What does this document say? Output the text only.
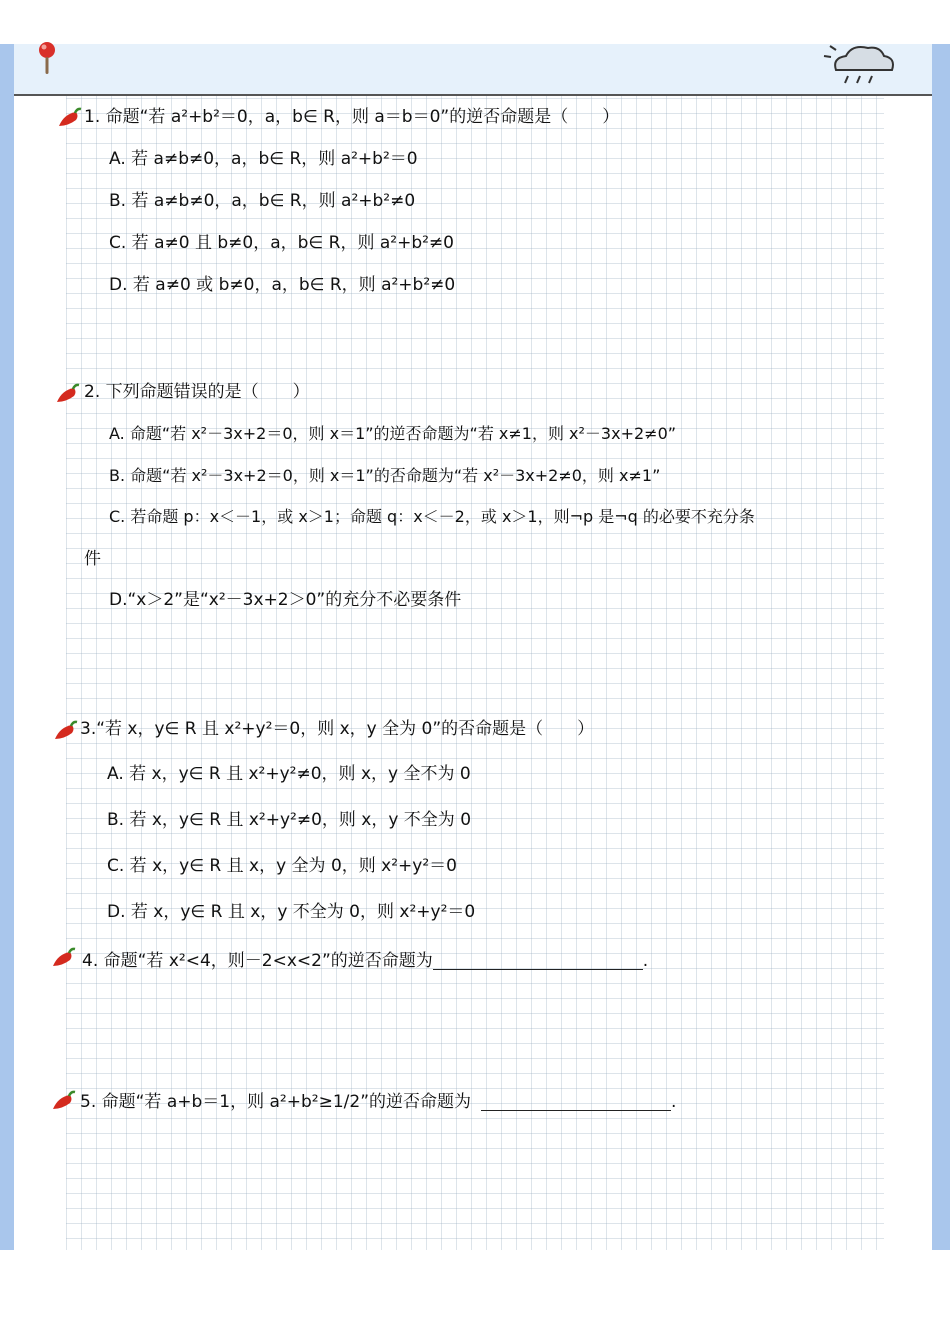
1. 命题“若 a²+b²＝0，a，b∈ R，则 a＝b＝0”的逆否命题是（　　）
A. 若 a≠b≠0，a，b∈ R，则 a²+b²＝0
B. 若 a≠b≠0，a，b∈ R，则 a²+b²≠0
C. 若 a≠0 且 b≠0，a，b∈ R，则 a²+b²≠0
D. 若 a≠0 或 b≠0，a，b∈ R，则 a²+b²≠0
2. 下列命题错误的是（　　）
A. 命题“若 x²－3x+2＝0，则 x＝1”的逆否命题为“若 x≠1，则 x²－3x+2≠0”
B. 命题“若 x²－3x+2＝0，则 x＝1”的否命题为“若 x²－3x+2≠0，则 x≠1”
C. 若命题 p：x＜－1，或 x＞1；命题 q：x＜－2，或 x＞1，则¬p 是¬q 的必要不充分条
件
D.“x＞2”是“x²－3x+2＞0”的充分不必要条件
3.“若 x，y∈ R 且 x²+y²＝0，则 x，y 全为 0”的否命题是（　　）
A. 若 x，y∈ R 且 x²+y²≠0，则 x，y 全不为 0
B. 若 x，y∈ R 且 x²+y²≠0，则 x，y 不全为 0
C. 若 x，y∈ R 且 x，y 全为 0，则 x²+y²＝0
D. 若 x，y∈ R 且 x，y 不全为 0，则 x²+y²＝0
4. 命题“若 x²<4，则－2<x<2”的逆否命题为	.
5. 命题“若 a+b＝1，则 a²+b²≥1/2”的逆否命题为	.
